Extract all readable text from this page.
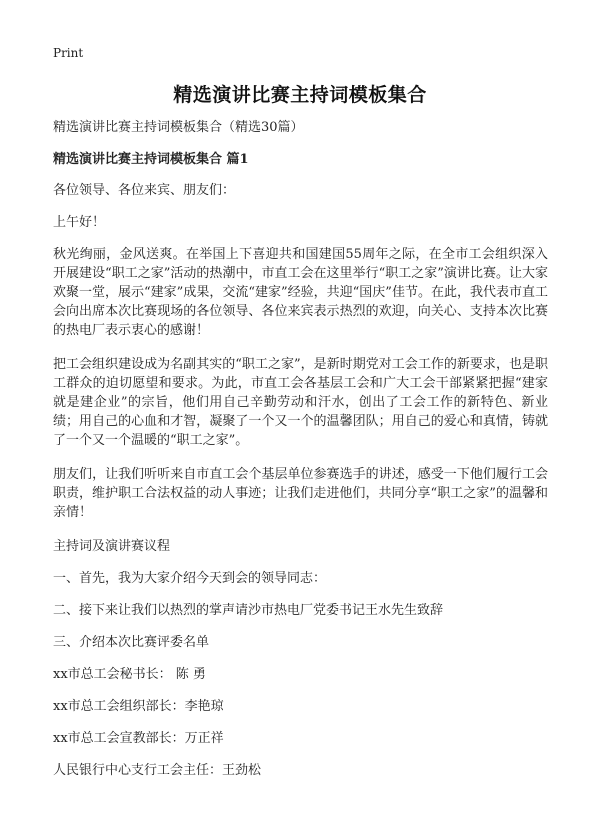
Print
精选演讲比赛主持词模板集合

精选演讲比赛主持词模板集合（精选30篇）

精选演讲比赛主持词模板集合 篇1

各位领导、各位来宾、朋友们：

上午好！

秋光绚丽，金风送爽。在举国上下喜迎共和国建国55周年之际，在全市工会组织深入开展建设“职工之家”活动的热潮中，市直工会在这里举行“职工之家”演讲比赛。让大家欢聚一堂，展示“建家”成果，交流“建家”经验，共迎“国庆”佳节。在此，我代表市直工会向出席本次比赛现场的各位领导、各位来宾表示热烈的欢迎，向关心、支持本次比赛的热电厂表示衷心的感谢！

把工会组织建设成为名副其实的“职工之家”，是新时期党对工会工作的新要求，也是职工群众的迫切愿望和要求。为此，市直工会各基层工会和广大工会干部紧紧把握“建家就是建企业”的宗旨，他们用自己辛勤劳动和汗水，创出了工会工作的新特色、新业绩；用自己的心血和才智，凝聚了一个又一个的温馨团队；用自己的爱心和真情，铸就了一个又一个温暖的“职工之家”。

朋友们，让我们听听来自市直工会个基层单位参赛选手的讲述，感受一下他们履行工会职责，维护职工合法权益的动人事迹；让我们走进他们，共同分享“职工之家”的温馨和亲情！

主持词及演讲赛议程

一、首先，我为大家介绍今天到会的领导同志：

二、接下来让我们以热烈的掌声请沙市热电厂党委书记王水先生致辞

三、介绍本次比赛评委名单

xx市总工会秘书长： 陈 勇

xx市总工会组织部长：李艳琼

xx市总工会宣教部长：万正祥

人民银行中心支行工会主任：王劲松
